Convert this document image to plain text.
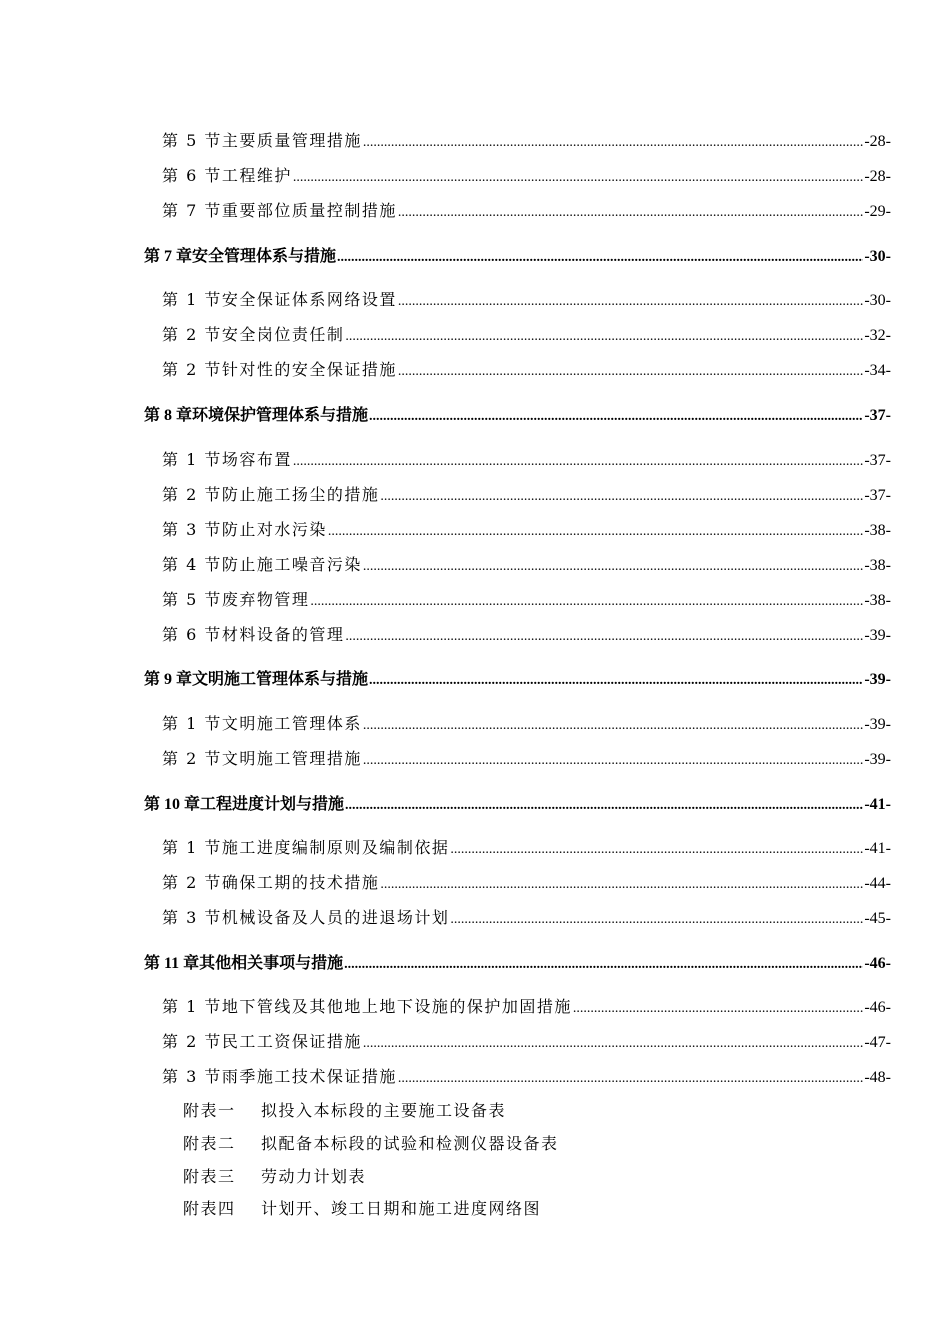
第 5 节主要质量管理措施 .....	-28-
第 6 节工程维护 .....	-28-
第 7 节重要部位质量控制措施 .....	-29-
第 7 章安全管理体系与措施 .....	-30-
第 1 节安全保证体系网络设置 .....	-30-
第 2 节安全岗位责任制 .....	-32-
第 2 节针对性的安全保证措施 .....	-34-
第 8 章环境保护管理体系与措施 .....	-37-
第 1 节场容布置 .....	-37-
第 2 节防止施工扬尘的措施 .....	-37-
第 3 节防止对水污染 .....	-38-
第 4 节防止施工噪音污染 .....	-38-
第 5 节废弃物管理 .....	-38-
第 6 节材料设备的管理 .....	-39-
第 9 章文明施工管理体系与措施 .....	-39-
第 1 节文明施工管理体系 .....	-39-
第 2 节文明施工管理措施 .....	-39-
第 10 章工程进度计划与措施 .....	-41-
第 1 节施工进度编制原则及编制依据 .....	-41-
第 2 节确保工期的技术措施 .....	-44-
第 3 节机械设备及人员的进退场计划 .....	-45-
第 11 章其他相关事项与措施 .....	-46-
第 1 节地下管线及其他地上地下设施的保护加固措施 .....	-46-
第 2 节民工工资保证措施 .....	-47-
第 3 节雨季施工技术保证措施 .....	-48-
附表一	拟投入本标段的主要施工设备表
附表二	拟配备本标段的试验和检测仪器设备表
附表三	劳动力计划表
附表四	计划开、竣工日期和施工进度网络图
